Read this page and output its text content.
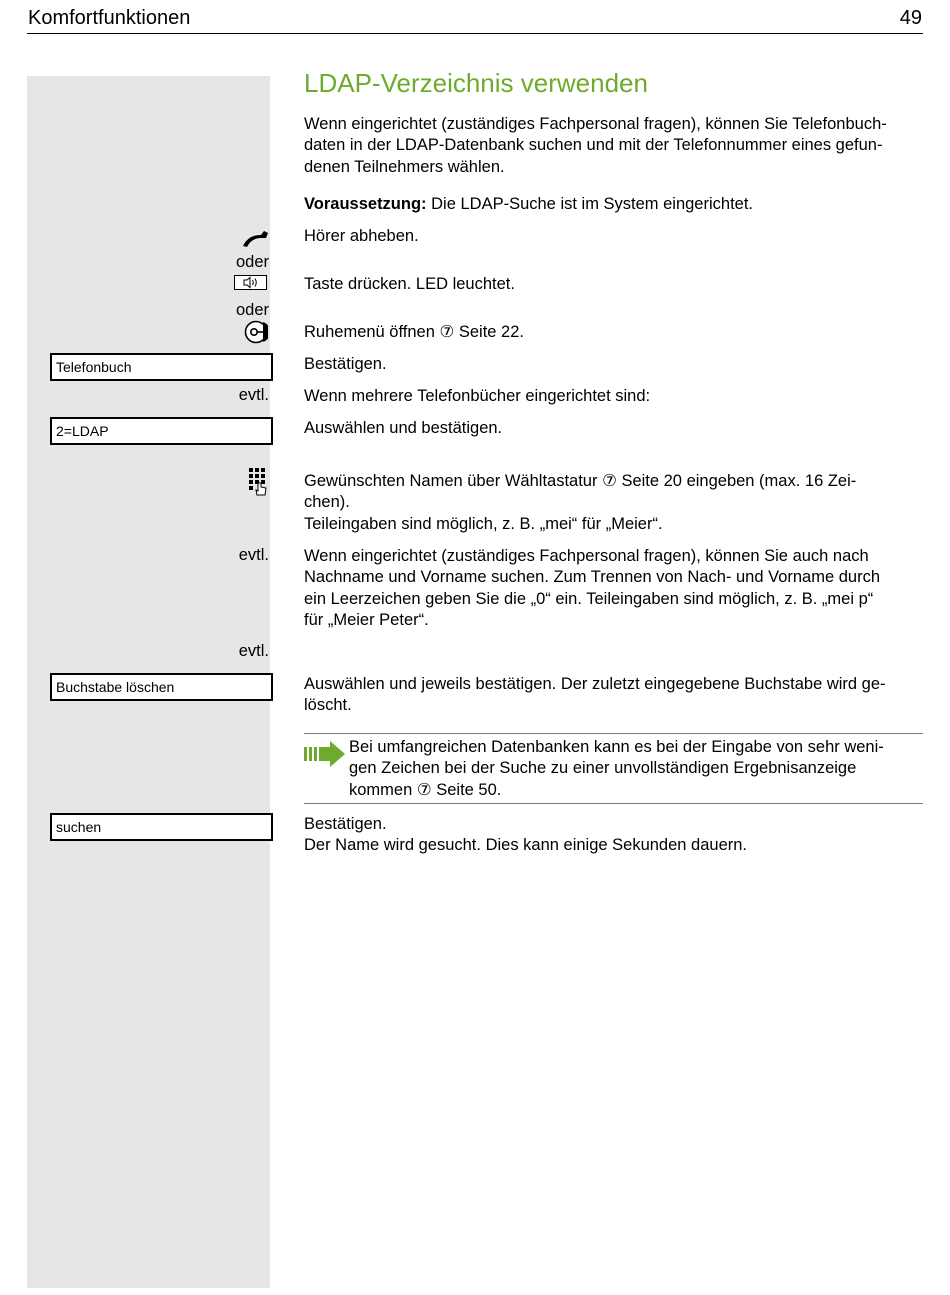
Komfortfunktionen	49
LDAP-Verzeichnis verwenden
Wenn eingerichtet (zuständiges Fachpersonal fragen), können Sie Telefonbuch-
daten in der LDAP-Datenbank suchen und mit der Telefonnummer eines gefun-
denen Teilnehmers wählen.
Voraussetzung: Die LDAP-Suche ist im System eingerichtet.
Hörer abheben.
oder
Taste drücken. LED leuchtet.
oder
Ruhemenü öffnen ⑦ Seite 22.
Telefonbuch	Bestätigen.
evtl. Wenn mehrere Telefonbücher eingerichtet sind:
2=LDAP	Auswählen und bestätigen.
Gewünschten Namen über Wähltastatur ⑦ Seite 20 eingeben (max. 16 Zei-
chen).
Teileingaben sind möglich, z. B. „mei“ für „Meier“.
evtl. Wenn eingerichtet (zuständiges Fachpersonal fragen), können Sie auch nach
Nachname und Vorname suchen. Zum Trennen von Nach- und Vorname durch
ein Leerzeichen geben Sie die „0“ ein. Teileingaben sind möglich, z. B. „mei p“
für „Meier Peter“.
evtl.
Buchstabe löschen	Auswählen und jeweils bestätigen. Der zuletzt eingegebene Buchstabe wird ge-
löscht.
Bei umfangreichen Datenbanken kann es bei der Eingabe von sehr weni-
gen Zeichen bei der Suche zu einer unvollständigen Ergebnisanzeige
kommen ⑦ Seite 50.
suchen	Bestätigen.
Der Name wird gesucht. Dies kann einige Sekunden dauern.
